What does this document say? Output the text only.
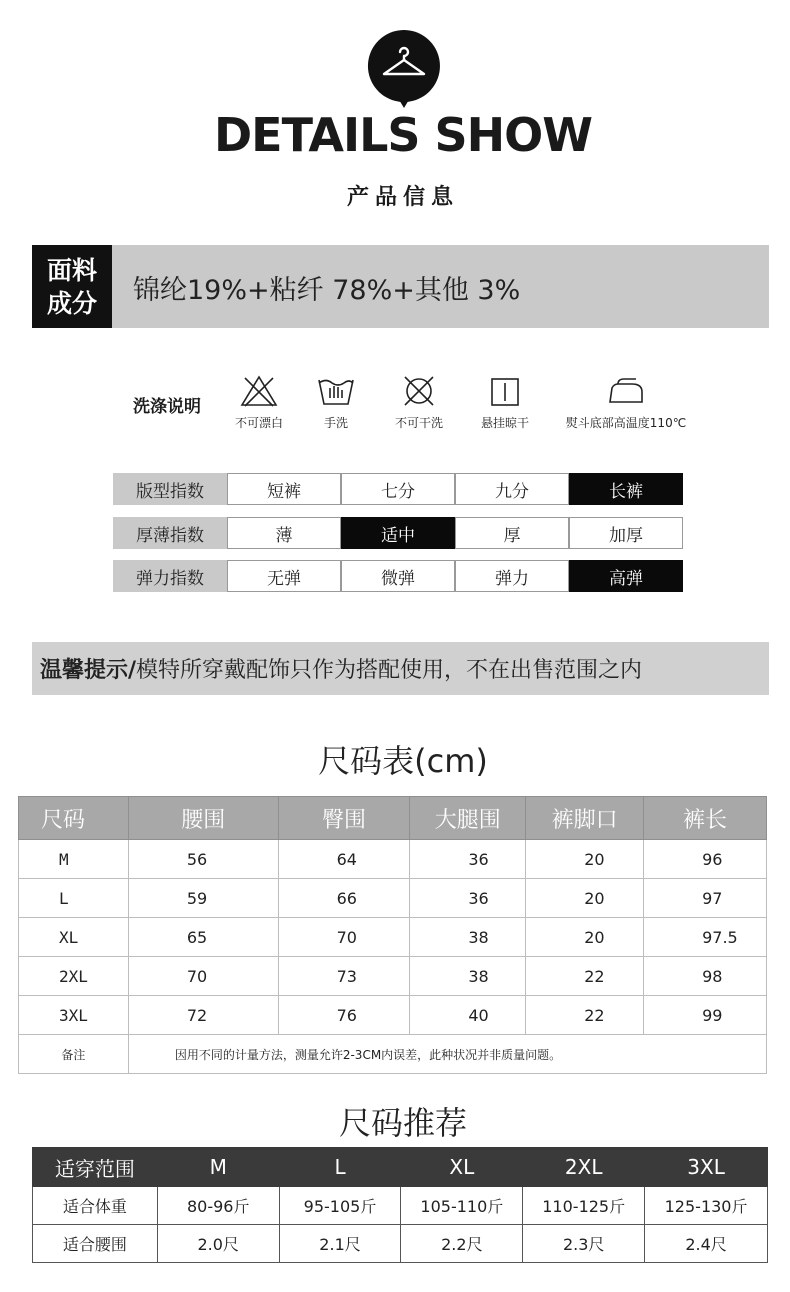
DETAILS SHOW
产品信息
面料
成分 锦纶19%+粘纤 78%+其他 3%
洗涤说明
不可漂白	手洗	不可干洗	悬挂晾干	熨斗底部高温度110℃
版型指数	短裤	七分	九分	长裤
厚薄指数	薄	适中	厚	加厚
弹力指数	无弹	微弹	弹力	高弹
温馨提示/ 模特所穿戴配饰只作为搭配使用，不在出售范围之内
尺码表(cm)
尺码	腰围	臀围	大腿围	裤脚口	裤长
M	56	64	36	20	96
L	59	66	36	20	97
XL	65	70	38	20	97.5
2XL	70	73	38	22	98
3XL	72	76	40	22	99
备注	因用不同的计量方法，测量允许2-3CM内误差，此种状况并非质量问题。				
尺码推荐
适穿范围	M	L	XL	2XL	3XL
适合体重	80-96斤	95-105斤	105-110斤	110-125斤	125-130斤
适合腰围	2.0尺	2.1尺	2.2尺	2.3尺	2.4尺
